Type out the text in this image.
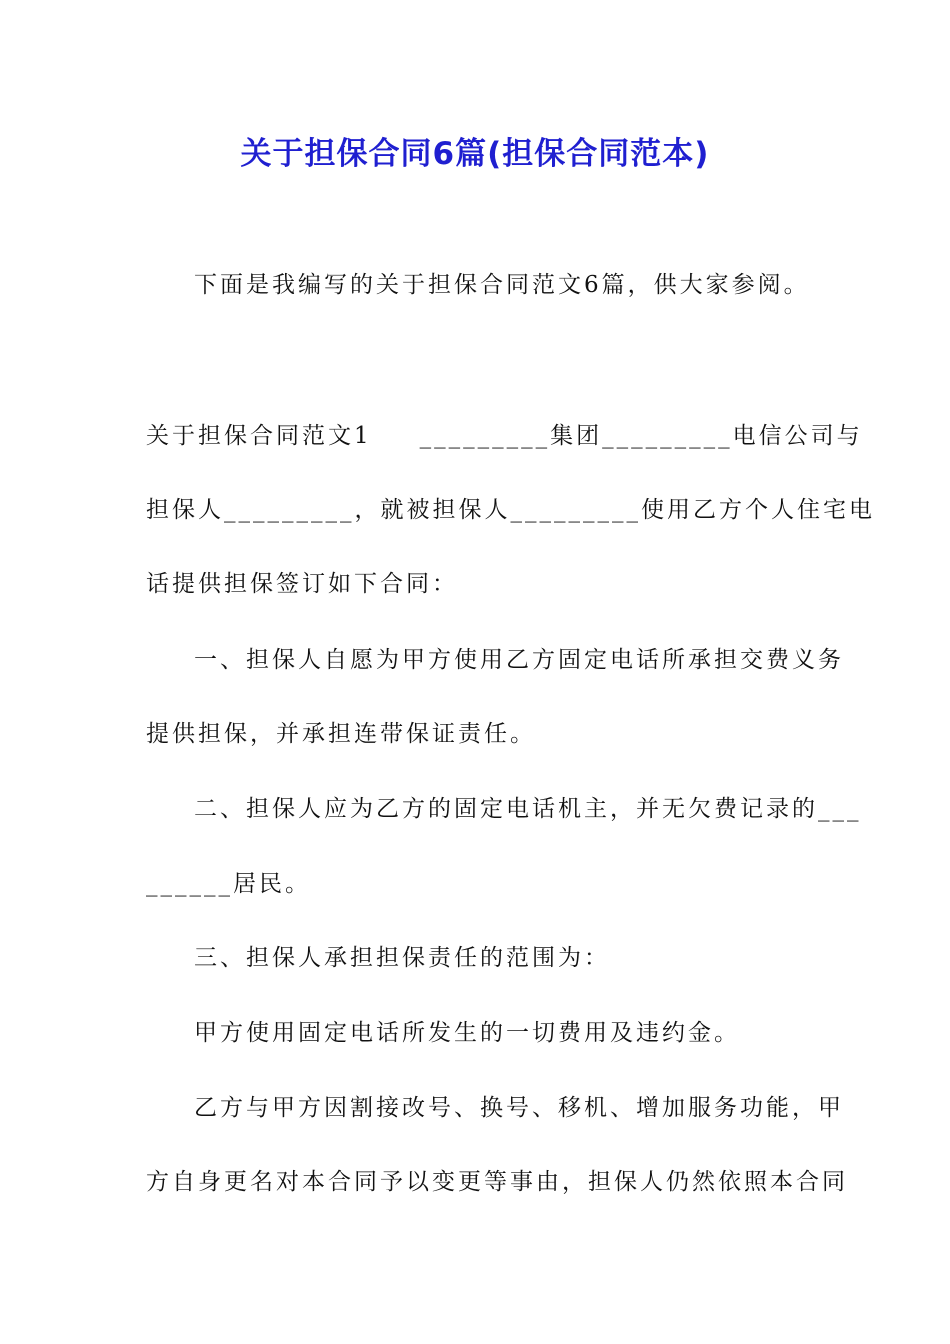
关于担保合同6篇(担保合同范本)
下面是我编写的关于担保合同范文6篇，供大家参阅。
关于担保合同范文1 _________集团_________电信公司与
担保人_________，就被担保人_________使用乙方个人住宅电
话提供担保签订如下合同：
一、担保人自愿为甲方使用乙方固定电话所承担交费义务
提供担保，并承担连带保证责任。
二、担保人应为乙方的固定电话机主，并无欠费记录的___
______居民。
三、担保人承担担保责任的范围为：
甲方使用固定电话所发生的一切费用及违约金。
乙方与甲方因割接改号、换号、移机、增加服务功能，甲
方自身更名对本合同予以变更等事由，担保人仍然依照本合同
